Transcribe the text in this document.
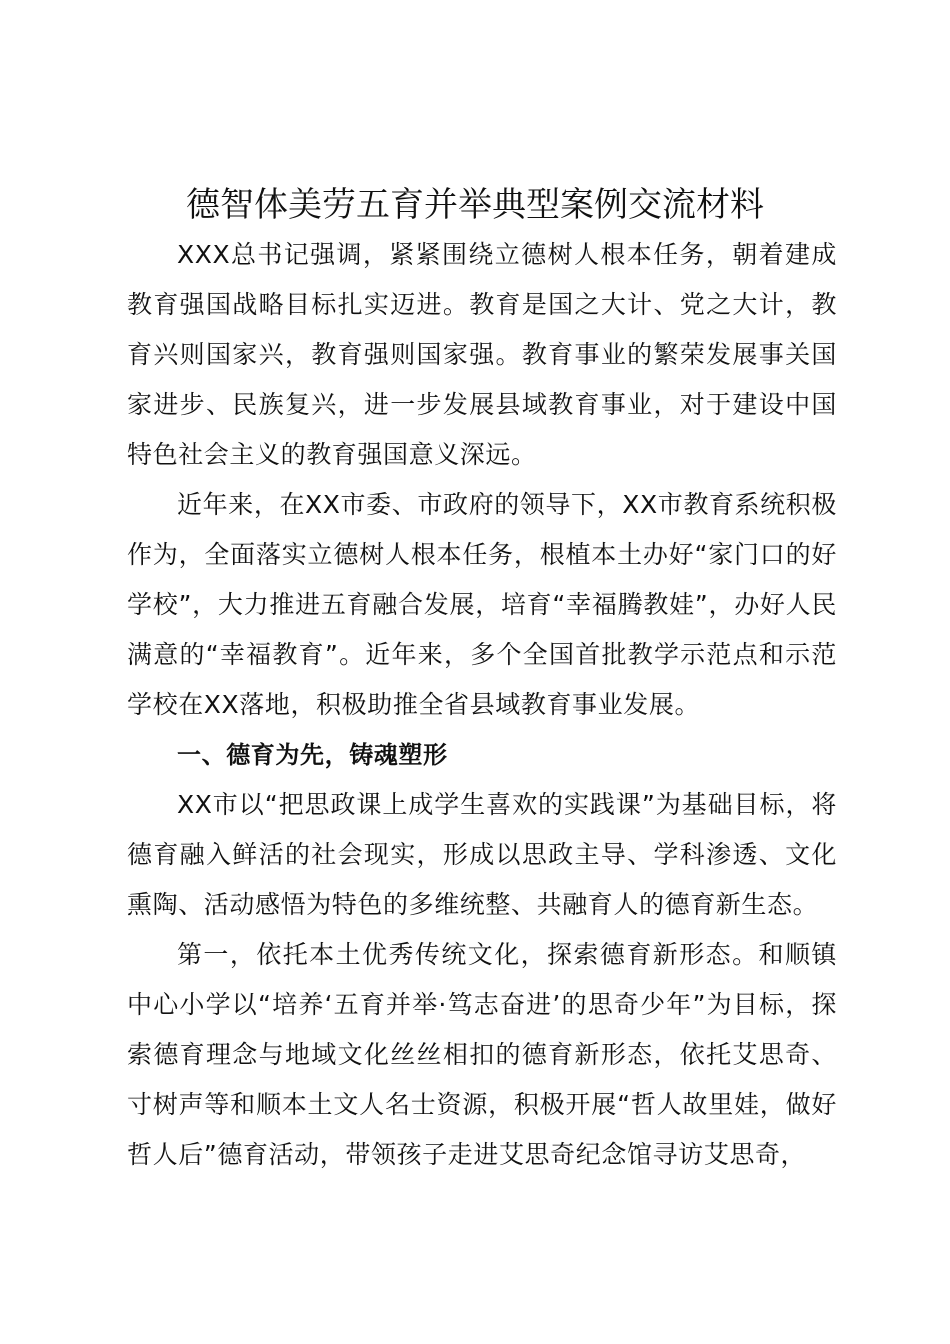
德智体美劳五育并举典型案例交流材料

XXX总书记强调，紧紧围绕立德树人根本任务，朝着建成教育强国战略目标扎实迈进。教育是国之大计、党之大计，教育兴则国家兴，教育强则国家强。教育事业的繁荣发展事关国家进步、民族复兴，进一步发展县域教育事业，对于建设中国特色社会主义的教育强国意义深远。

近年来，在XX市委、市政府的领导下，XX市教育系统积极作为，全面落实立德树人根本任务，根植本土办好“家门口的好学校”，大力推进五育融合发展，培育“幸福腾教娃”，办好人民满意的“幸福教育”。近年来，多个全国首批教学示范点和示范学校在XX落地，积极助推全省县域教育事业发展。

一、德育为先，铸魂塑形

XX市以“把思政课上成学生喜欢的实践课”为基础目标，将德育融入鲜活的社会现实，形成以思政主导、学科渗透、文化熏陶、活动感悟为特色的多维统整、共融育人的德育新生态。

第一，依托本土优秀传统文化，探索德育新形态。和顺镇中心小学以“培养‘五育并举·笃志奋进’的思奇少年”为目标，探索德育理念与地域文化丝丝相扣的德育新形态，依托艾思奇、寸树声等和顺本土文人名士资源，积极开展“哲人故里娃，做好哲人后”德育活动，带领孩子走进艾思奇纪念馆寻访艾思奇，
